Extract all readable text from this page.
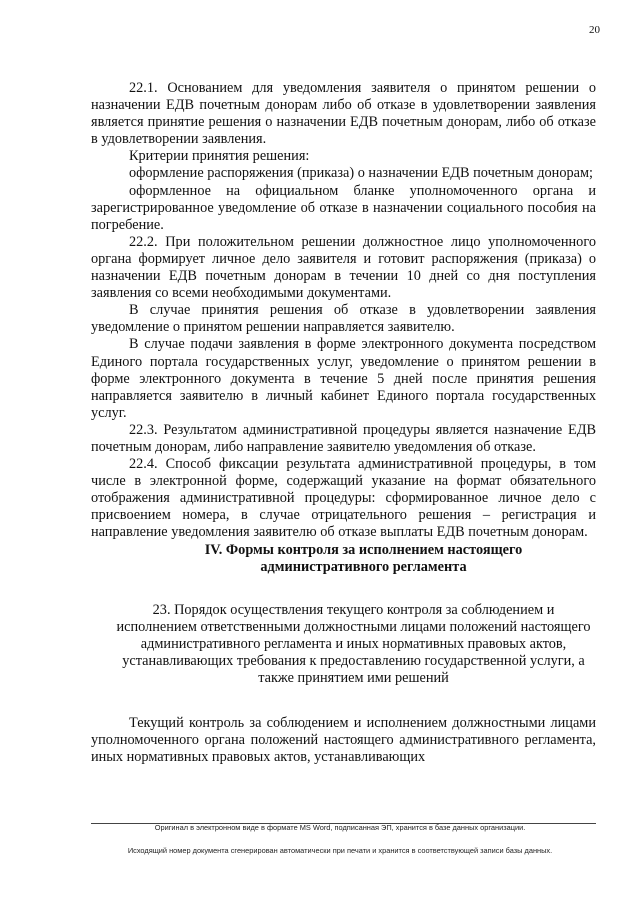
20

22.1. Основанием для уведомления заявителя о принятом решении о назначении ЕДВ почетным донорам либо об отказе в удовлетворении заявления является принятие решения о назначении ЕДВ почетным донорам, либо об отказе в удовлетворении заявления.

Критерии принятия решения:

оформление распоряжения (приказа) о назначении ЕДВ почетным донорам;

оформленное на официальном бланке уполномоченного органа и зарегистрированное уведомление об отказе в назначении социального пособия на погребение.

22.2. При положительном решении должностное лицо уполномоченного органа формирует личное дело заявителя и готовит распоряжения (приказа) о назначении ЕДВ почетным донорам в течении 10 дней со дня поступления заявления со всеми необходимыми документами.

В случае принятия решения об отказе в удовлетворении заявления уведомление о принятом решении направляется заявителю.

В случае подачи заявления в форме электронного документа посредством Единого портала государственных услуг, уведомление о принятом решении в форме электронного документа в течение 5 дней после принятия решения направляется заявителю в личный кабинет Единого портала государственных услуг.

22.3. Результатом административной процедуры является назначение ЕДВ почетным донорам, либо направление заявителю уведомления об отказе.

22.4. Способ фиксации результата административной процедуры, в том числе в электронной форме, содержащий указание на формат обязательного отображения административной процедуры: сформированное личное дело с присвоением номера, в случае отрицательного решения – регистрация и направление уведомления заявителю об отказе выплаты ЕДВ почетным донорам.

IV. Формы контроля за исполнением настоящего административного регламента

23. Порядок осуществления текущего контроля за соблюдением и исполнением ответственными должностными лицами положений настоящего административного регламента и иных нормативных правовых актов, устанавливающих требования к предоставлению государственной услуги, а также принятием ими решений

Текущий контроль за соблюдением и исполнением должностными лицами уполномоченного органа положений настоящего административного регламента, иных нормативных правовых актов, устанавливающих

Оригинал в электронном виде в формате MS Word, подписанная ЭП, хранится в базе данных организации.
Исходящий номер документа сгенерирован автоматически при печати и хранится в соответствующей записи базы данных.
